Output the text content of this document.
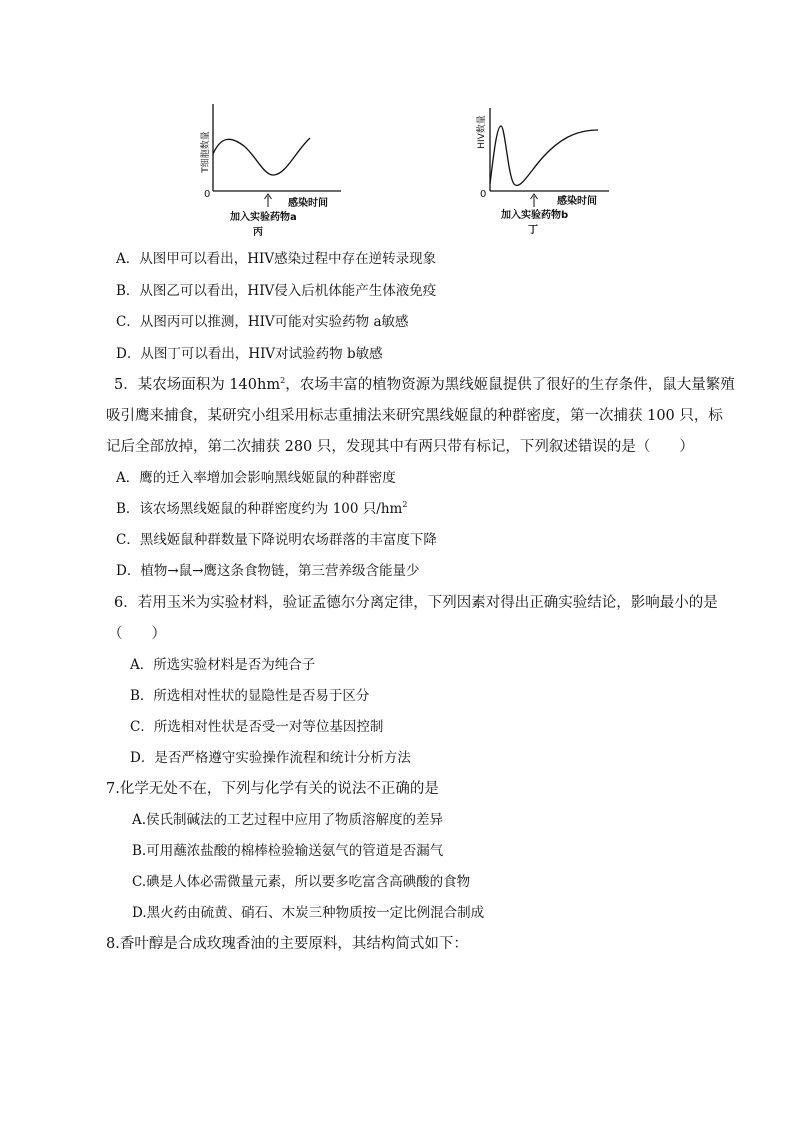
T细胞数量
0
感染时间
加入实验药物a
丙
HIV数量
0
感染时间
加入实验药物b
丁
A．从图甲可以看出，HIV感染过程中存在逆转录现象
B．从图乙可以看出，HIV侵入后机体能产生体液免疫
C．从图丙可以推测，HIV可能对实验药物 a敏感
D．从图丁可以看出，HIV对试验药物 b敏感
5．某农场面积为 $140hm^2$，农场丰富的植物资源为黑线姬鼠提供了很好的生存条件，鼠大量繁殖
吸引鹰来捕食，某研究小组采用标志重捕法来研究黑线姬鼠的种群密度，第一次捕获 100 只，标
记后全部放掉，第二次捕获 280 只，发现其中有两只带有标记，下列叙述错误的是（　　）
A．鹰的迁入率增加会影响黑线姬鼠的种群密度
B．该农场黑线姬鼠的种群密度约为 100 只$/hm^2$
C．黑线姬鼠种群数量下降说明农场群落的丰富度下降
D．植物→鼠→鹰这条食物链，第三营养级含能量少
6．若用玉米为实验材料，验证孟德尔分离定律，下列因素对得出正确实验结论，影响最小的是
（　　）
A．所选实验材料是否为纯合子
B．所选相对性状的显隐性是否易于区分
C．所选相对性状是否受一对等位基因控制
D．是否严格遵守实验操作流程和统计分析方法
7.化学无处不在，下列与化学有关的说法不正确的是
A.侯氏制碱法的工艺过程中应用了物质溶解度的差异
B.可用蘸浓盐酸的棉棒检验输送氨气的管道是否漏气
C.碘是人体必需微量元素，所以要多吃富含高碘酸的食物
D.黑火药由硫黄、硝石、木炭三种物质按一定比例混合制成
8.香叶醇是合成玫瑰香油的主要原料，其结构简式如下：
